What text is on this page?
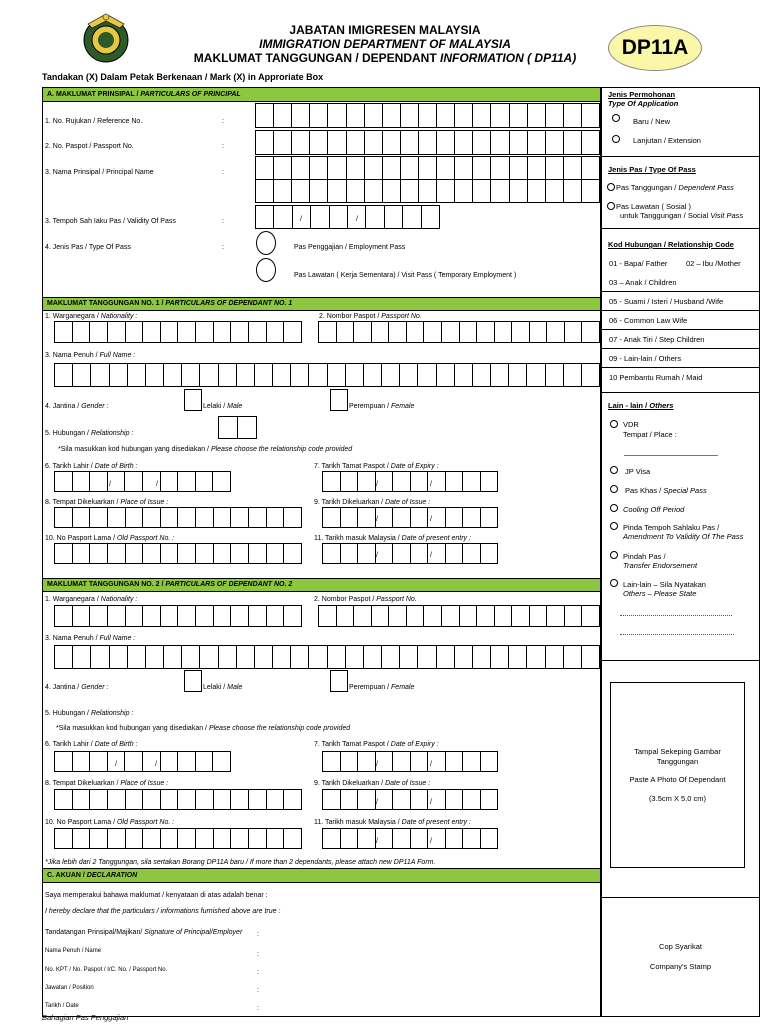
JABATAN IMIGRESEN MALAYSIA
IMMIGRATION DEPARTMENT OF MALAYSIA
MAKLUMAT TANGGUNGAN / DEPENDANT INFORMATION ( DP11A)	DP11A
Tandakan (X) Dalam Petak Berkenaan / Mark (X) in Approriate Box
A. MAKLUMAT PRINSIPAL / PARTICULARS OF PRINCIPAL
1. No. Rujukan / Reference No.	:
2. No. Paspot / Passport No.	:
3. Nama Prinsipal / Principal Name	:
3. Tempoh Sah Iaku Pas / Validity Of Pass	:	/	/
4. Jenis Pas / Type Of Pass	:	Pas Penggajian / Employment Pass
Pas Lawatan ( Kerja Sementara) / Visit Pass ( Temporary Employment )
MAKLUMAT TANGGUNGAN NO. 1 / PARTICULARS OF DEPENDANT NO. 1
1. Warganegara / Nationality :	2. Nombor Paspot / Passport No.
3. Nama Penuh / Full Name :
4. Jantina / Gender :	Lelaki / Male	Perempuan / Female
5. Hubungan / Relationship :
*Sila masukkan kod hubungan yang disediakan / Please choose the relationship code provided
6. Tarikh Lahir / Date of Birth :	7. Tarikh Tamat Paspot / Date of Expiry :
/	/	/	/
8. Tempat Dikeluarkan / Place of Issue :	9. Tarikh Dikeluarkan / Date of Issue :
/	/
10. No Pasport Lama / Old Passport No. :	11. Tarikh masuk Malaysia / Date of present entry :
/	/
MAKLUMAT TANGGUNGAN NO. 2 / PARTICULARS OF DEPENDANT NO. 2
1. Warganegara / Nationality :	2. Nombor Paspot / Passport No.
3. Nama Penuh / Full Name :
4. Jantina / Gender :	Lelaki / Male	Perempuan / Female
5. Hubungan / Relationship :
*Sila masukkan kod hubungan yang disediakan / Please choose the relationship code provided
6. Tarikh Lahir / Date of Birth :	7. Tarikh Tamat Paspot / Date of Expiry :
/	/	/	/
8. Tempat Dikeluarkan / Place of Issue :	9. Tarikh Dikeluarkan / Date of Issue :
/	/
10. No Pasport Lama / Old Passport No. :	11. Tarikh masuk Malaysia / Date of present entry :
/	/
*Jika lebih dari 2 Tanggungan, sila sertakan Borang DP11A baru / If more than 2 dependants, please attach new DP11A Form.
C. AKUAN / DECLARATION
Saya memperakui bahawa maklumat / kenyataan di atas adalah benar :
I hereby declare that the particulars / informations furnished above are true :
Tandatangan Prinsipal/Majikan/ Signature of Principal/Employer :
Nama Penuh / Name	:
No. KPT / No. Paspot / I/C. No. / Passport No.	:
Jawatan / Position	:
Tarikh / Date	:
Bahagian Pas Penggajian
Jenis Permohonan
Type Of Application
Baru / New
Lanjutan / Extension
Jenis Pas / Type Of Pass
Pas Tanggungan / Dependent Pass
Pas Lawatan ( Sosial )
untuk Tanggungan / Social Visit Pass
Kod Hubungan / Relationship Code
01 - Bapa/ Father 02 – Ibu /Mother
03 – Anak / Children
05 - Suami / Isteri / Husband /Wife
06 - Common Law Wife
07 - Anak Tiri / Step Children
09 - Lain-lain / Others
10 Pembantu Rumah / Maid
Lain - lain / Others
VDR
Tempat / Place :
JP Visa
Pas Khas / Special Pass
Cooling Off Period
Pinda Tempoh Sahlaku Pas /
Amendment To Validity Of The Pass
Pindah Pas /
Transfer Endorsement
Lain-lain – Sila Nyatakan
Others – Please State
Tampal Sekeping Gambar
Tanggungan
Paste A Photo Of Dependant
(3.5cm X 5.0 cm)
Cop Syarikat
Company’s Stamp
